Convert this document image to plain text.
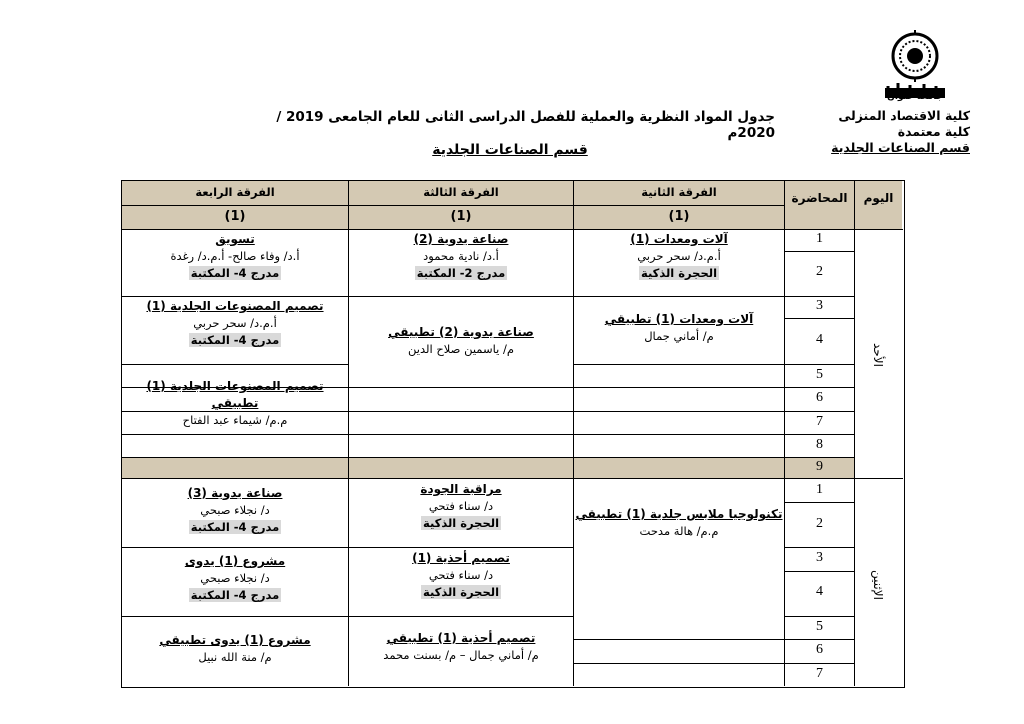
كلية الاقتصاد المنزلى
كلية معتمدة
قسم الصناعات الجلدية
جدول المواد النظرية والعملية للفصل الدراسى الثانى للعام الجامعى 2019 / 2020م
قسم الصناعات الجلدية
اليوم
المحاضرة
الفرقة الثانية
الفرقة الثالثة
الفرقة الرابعة
(1)
(1)
(1)
الأحد
الإثنين
1
2
3
4
5
6
7
8
9
1
2
3
4
5
6
7
آلات ومعدات (1)
أ.م.د/ سحر حربي
الحجرة الذكية
آلات ومعدات (1) تطبيقي
م/ أماني جمال
صناعة يدوية (2)
أ.د/ نادية محمود
مدرج 2- المكتبة
صناعة يدوية (2) تطبيقي
م/ ياسمين صلاح الدين
تسويق
أ.د/ وفاء صالح- أ.م.د/ رغدة
مدرج 4- المكتبة
تصميم المصنوعات الجلدية (1)
أ.م.د/ سحر حربي
مدرج 4- المكتبة
تصميم المصنوعات الجلدية (1) تطبيقي
م.م/ شيماء عبد الفتاح
تكنولوجيا ملابس جلدية (1) تطبيقي
م.م/ هالة مدحت
مراقبة الجودة
د/ سناء فتحي
الحجرة الذكية
تصميم أحذية (1)
د/ سناء فتحي
الحجرة الذكية
تصميم أحذية (1) تطبيقي
م/ أماني جمال – م/ بسنت محمد
صناعة يدوية (3)
د/ نجلاء صبحي
مدرج 4- المكتبة
مشروع (1) يدوى
د/ نجلاء صبحي
مدرج 4- المكتبة
مشروع (1) يدوى تطبيقي
م/ منة الله نبيل
جامعة حلوان
